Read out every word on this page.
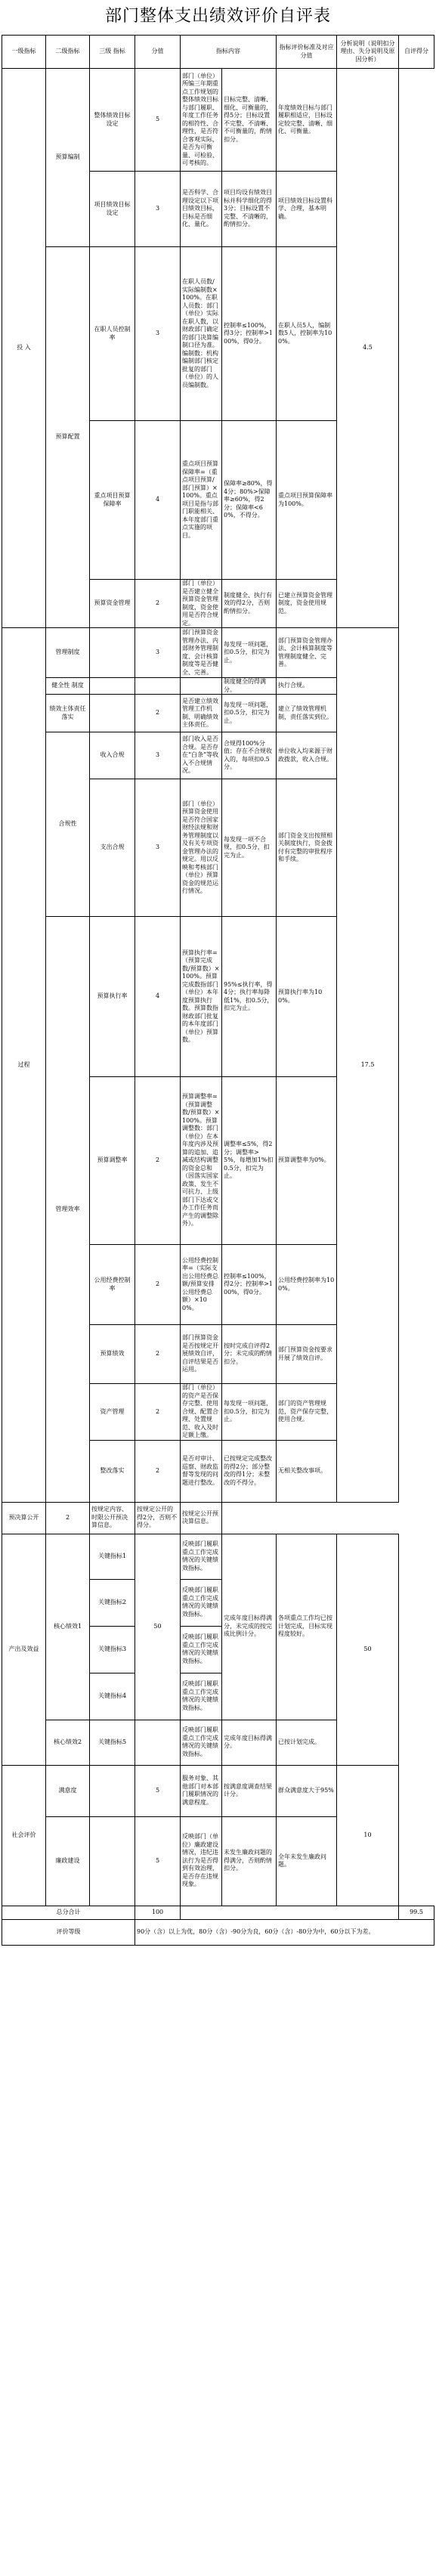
部门整体支出绩效评价自评表
一级指标	二级指标	三级 指标	分值	指标内容		指标评价标准及对应分值	分析说明（说明扣分理由、失分说明及原因分析）	自评得分
投 入	预算编制	整体绩效目标 设定	5	部门（单位）所编三年期重点工作规划的整体绩效目标与部门履职、年度工作任务的相符性、合理性，是否符合客观实际，是否为可衡量、可检验、可考核的。	目标完整、清晰、细化、可衡量的，得5分；目标设置不完整、不清晰、不可衡量的，酌情扣分。	年度绩效目标与部门履职相适应，目标设定较完整、清晰、细化、可衡量。	4.5	
		项目绩效目标 设定	3	是否科学、合理设定以下项目绩效目标，目标是否细化、量化。	项目均设有绩效目标并科学细化的得3分；目标设置不完整、不清晰的，酌情扣分。	项目绩效目标设置科学、合理，基本明确。		
	预算配置	在职人员控制率	3	在职人员数/实际编制数×100%。在职人员数：部门（单位）实际在职人数，以财政部门确定的部门决算编制口径为准。编制数：机构编制部门核定批复的部门（单位）的人员编制数。	控制率≤100%，得3分；控制率>100%，得0分。	在职人员5人，编制数5人，控制率为100%。		
		重点项目预算保障率	4	重点项目预算保障率=（重点项目预算/部门预算）×100%。重点项目是指与部门职能相关、本年度部门重点实施的项目。	保障率≥80%，得4分；80%>保障率≥60%，得2分；保障率<60%，不得分。	重点项目预算保障率为100%。		
		预算资金管理	2	部门（单位）是否建立健全预算资金管理制度，资金使用是否符合规定。	制度健全、执行有效的得2分，否则酌情扣分。	已建立预算资金管理制度，资金使用规范。		
过程	管理制度		3	部门预算资金管理办法、内部财务管理制度、会计核算制度等是否健全、完善。	每发现一项问题，扣0.5分，扣完为止。	部门预算资金管理办法、会计核算制度等管理制度健全、完善。	17.5	
	健全性 制度				制度健全的得满分。	执行合规。		
	绩效主体责任落实		2	是否建立绩效管理工作机制、明确绩效主体责任。	每发现一项问题，扣0.5分，扣完为止。	建立了绩效管理机制，责任落实到位。		
	合规性	收入合规	3	部门收入是否合规。是否存在“白条”等收入不合规情况。	合规得100%分值；存在不合规收入的，每项扣0.5分。	单位收入均来源于财政拨款，收入合规。		
		支出合规	3	部门（单位）预算资金使用是否符合国家财经法规和财务管理制度以及有关专项资金管理办法的规定。用以反映和考核部门（单位）预算资金的规范运行情况。	每发现一项不合规，扣0.5分，扣完为止。	部门资金支出按照相关制度执行，资金拨付有完整的审批程序和手续。		
	管理效率	预算执行率	4	预算执行率=（预算完成数/预算数）×100%。预算完成数指部门（单位）本年度预算执行数。预算数指财政部门批复的本年度部门（单位）预算数。	95%≤执行率，得4分；执行率每降低1%，扣0.5分，扣完为止。	预算执行率为100%。		
		预算调整率	2	预算调整率=（预算调整数/预算数）×100%。预算调整数：部门（单位）在本年度内涉及预算的追加、追减或结构调整的资金总和（因落实国家政策、发生不可抗力、上级部门下达或交办工作任务而产生的调整除外）。	调整率≤5%，得2分；调整率>5%，每增加1%扣0.5分，扣完为止。	预算调整率为0%。		
		公用经费控制率	2	公用经费控制率=（实际支出公用经费总额/预算安排公用经费总额）×100%。	控制率≤100%，得2分；控制率>100%，得0分。	公用经费控制率为100%。		
		预算绩效	2	部门预算资金是否按规定开展绩效自评，自评结果是否运用。	按时完成自评得2分；未完成的酌情扣分。	部门预算资金按要求开展了绩效自评。		
		资产管理	2	部门（单位）的资产是否保存完整、使用合规、配置合理、处置规范、收入及时足额上缴。	每发现一项问题，扣0.5分，扣完为止。	部门的资产管理规范，资产保存完整，使用合规。		
		整改落实	2	是否对审计、巡察、财政监督等发现的问题进行整改。	已按规定完成整改的得2分；部分整改的得1分；未整改的不得分。	无相关整改事项。		
预决算公开	2	按规定内容、时限公开预决算信息。	按规定公开的得2分，否则不得分。	按规定公开预决算信息。				
产出及效益	核心绩效1	关键指标1	50	反映部门履职重点工作完成情况的关键绩效指标。	完成年度目标得满分，未完成的按完成比例计分。	各项重点工作均已按计划完成，目标实现程度较好。	50	
		关键指标2		反映部门履职重点工作完成情况的关键绩效指标。				
		关键指标3		反映部门履职重点工作完成情况的关键绩效指标。				
		关键指标4		反映部门履职重点工作完成情况的关键绩效指标。				
	核心绩效2	关键指标5		反映部门履职重点工作完成情况的关键绩效指标。	完成年度目标得满分。	已按计划完成。		
社会评价	满意度		5	服务对象、其他部门对本部门履职情况的满意程度。	按满意度调查结果计分。	群众满意度大于95%	10	
	廉政建设		5	反映部门（单位）廉政建设情况，违纪违法行为是否得到有效治理，是否存在违规现象。	未发生廉政问题的得满分，否则酌情扣分。	全年未发生廉政问题。		
总分合计			100					99.5
评价等级			90分（含）以上为优，80分（含）-90分为良，60分（含）-80分为中，60分以下为差。					
